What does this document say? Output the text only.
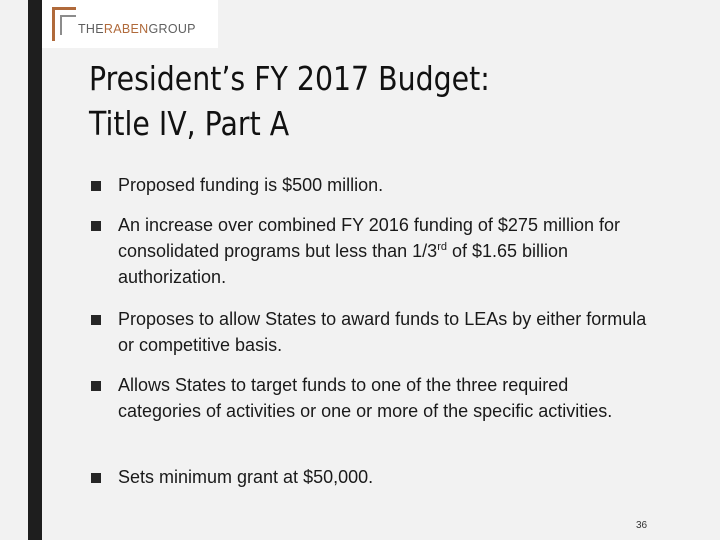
THERABENGROUP
President’s FY 2017 Budget:
Title IV, Part A
Proposed funding is $500 million.
An increase over combined FY 2016 funding of $275 million for consolidated programs but less than 1/3rd of $1.65 billion authorization.
Proposes to allow States to award funds to LEAs by either formula or competitive basis.
Allows States to target funds to one of the three required categories of activities or one or more of the specific activities.
Sets minimum grant at $50,000.
36
